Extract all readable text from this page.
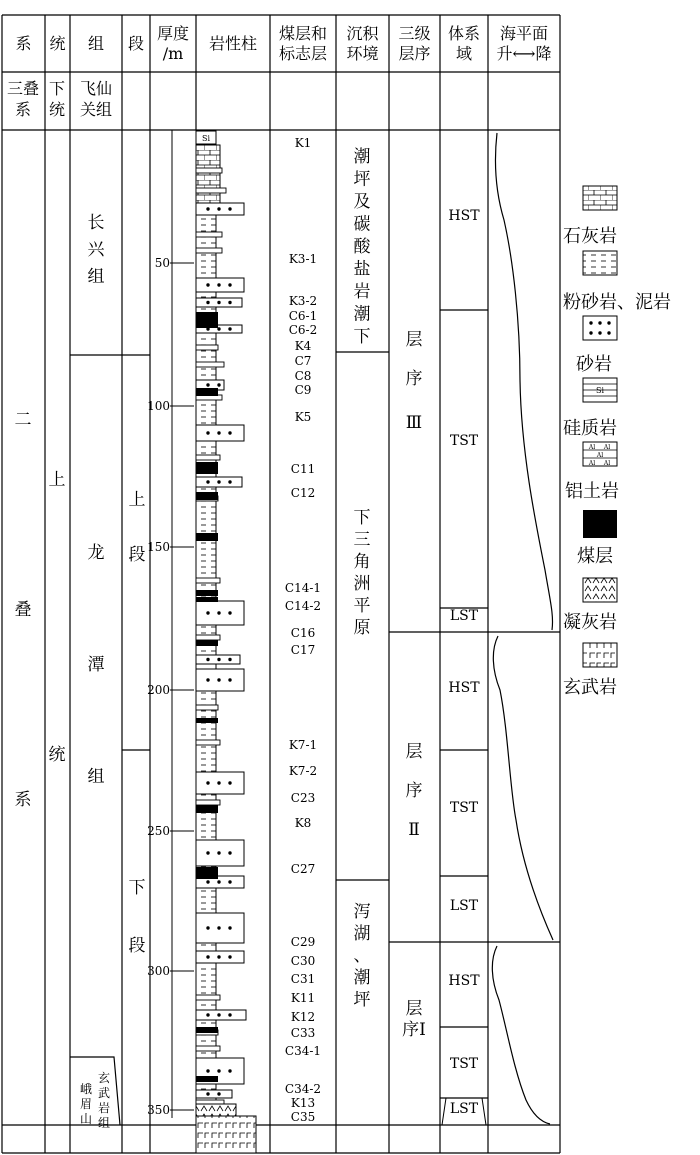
系 统 组 段
厚度
/m
岩性柱
煤层和
标志层
沉积
环境
三级
层序
体系
域
海平面
升⟷降
Si
三叠
系
下
统
飞仙
关组
二
叠
系
上
统
长
兴
组
龙
潭
组
玄
武
岩
组
峨
眉
山
上
段
下
段
50
100
150
200
250
300
350
K1
K3-1
K3-2
C6-1
C6-2
K4
C7
C8
C9
K5
C11
C12
C14-1
C14-2
C16
C17
K7-1
K7-2
C23
K8
C27
C29
C30
C31
K11
K12
C33
C34-1
C34-2
K13
C35
潮
坪
及
碳
酸
盐
岩
潮
下
下
三
角
洲
平
原
泻
湖
、
潮
坪
层
序
Ⅲ
层
序
Ⅱ
层
序Ⅰ
HST
TST
LST
HST
TST
LST
HST
TST
LST
石灰岩
粉砂岩、泥岩
砂岩
Si
硅质岩
Al Al
Al
Al Al
铝土岩
煤层
凝灰岩
玄武岩
